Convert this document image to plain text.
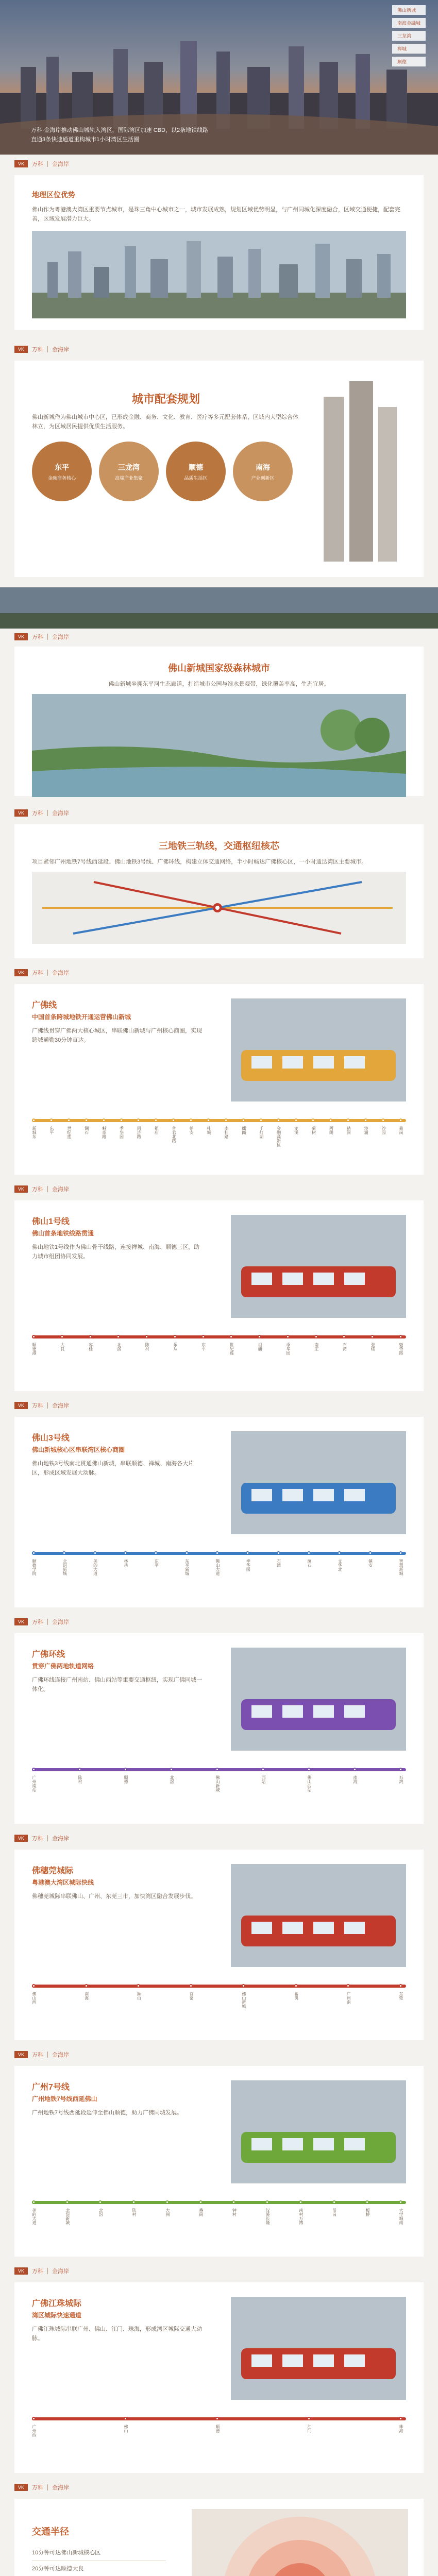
佛山新城
南海金融城
三龙湾
禅城
顺德
万科·金海岸推动佛山城轨入湾区，国际湾区加速 CBD，以2条地铁线路
直通3条快速通道重构城市1小时湾区生活圈
VK	万科 金海岸
地理区位优势
佛山作为粤港澳大湾区重要节点城市，是珠三角中心城市之一，城市发展成熟，规划区域优势明显，与广州同城化深度融合，区域交通便捷，配套完善，区域发展潜力巨大。
VK	万科 金海岸
城市配套规划
佛山新城作为佛山城市中心区，已形成金融、商务、文化、教育、医疗等多元配套体系，区域内大型综合体林立，为区域居民提供优质生活服务。
东平
金融商务核心
三龙湾
高端产业集聚
顺德
品质生活区
南海
产业创新区
VK	万科 金海岸
佛山新城国家级森林城市
佛山新城坐拥东平河生态廊道，打造城市公园与滨水景观带，绿化覆盖率高，生态宜居。
VK	万科 金海岸
三地铁三轨线，交通枢纽核芯
项目紧邻广州地铁7号线西延段、佛山地铁3号线、广佛环线，构建立体交通网络，半小时畅达广佛核心区，一小时通达湾区主要城市。
VK	万科 金海岸
广佛线
中国首条跨城地铁开通运营佛山新城
广佛线贯穿广佛两大核心城区，串联佛山新城与广州核心商圈，实现跨城通勤30分钟直达。
新城东	东平	世纪莲	澜石	魁奇路	季华园	同济路	祖庙	普君北路	朝安	桂城	南桂路	𧒽岗	千灯湖	金融高新区	龙溪	菊树	西朗	鹤洞	沙涌	沙园	燕岗
VK	万科 金海岸
佛山1号线
佛山首条地铁线路贯通
佛山地铁1号线作为佛山骨干线路，连接禅城、南海、顺德三区，助力城市组团协同发展。
顺德港	大良	容桂	北滘	陈村	乐从	东平	世纪莲	祖庙	季华园	南庄	石湾	张槎	魁奇路
VK	万科 金海岸
佛山3号线
佛山新城核心区串联湾区核心商圈
佛山地铁3号线南北贯通佛山新城，串联顺德、禅城、南海各大片区，形成区域发展大动脉。
顺德学院	北滘新城	美的大道	林岳	东平	东平新城	佛山大道	季华园	石湾	澜石	文华北	镇安	智慧新城
VK	万科 金海岸
广佛环线
贯穿广佛两地轨道网络
广佛环线连接广州南站、佛山西站等重要交通枢纽，实现广佛同城一体化。
广州南站	陈村	顺德	北滘	佛山新城	西站	佛山西站	南海	石湾
VK	万科 金海岸
佛穗莞城际
粤港澳大湾区城际快线
佛穗莞城际串联佛山、广州、东莞三市，加快湾区融合发展步伐。
佛山西	南海	狮山	官窑	佛山新城	番禺	广州南	东莞
VK	万科 金海岸
广州7号线
广州地铁7号线西延佛山
广州地铁7号线西延段延伸至佛山顺德，助力广佛同城发展。
美的大道	北滘新城	北滘	陈村	大洲	番禺	钟村	汉溪长隆	南村万博	员岗	板桥	大学城南
VK	万科 金海岸
广佛江珠城际
湾区城际快速通道
广佛江珠城际串联广州、佛山、江门、珠海，形成湾区城际交通大动脉。
广州西	佛山	顺德	江门	珠海
VK	万科 金海岸
交通半径
10分钟可达佛山新城核心区
20分钟可达顺德大良
